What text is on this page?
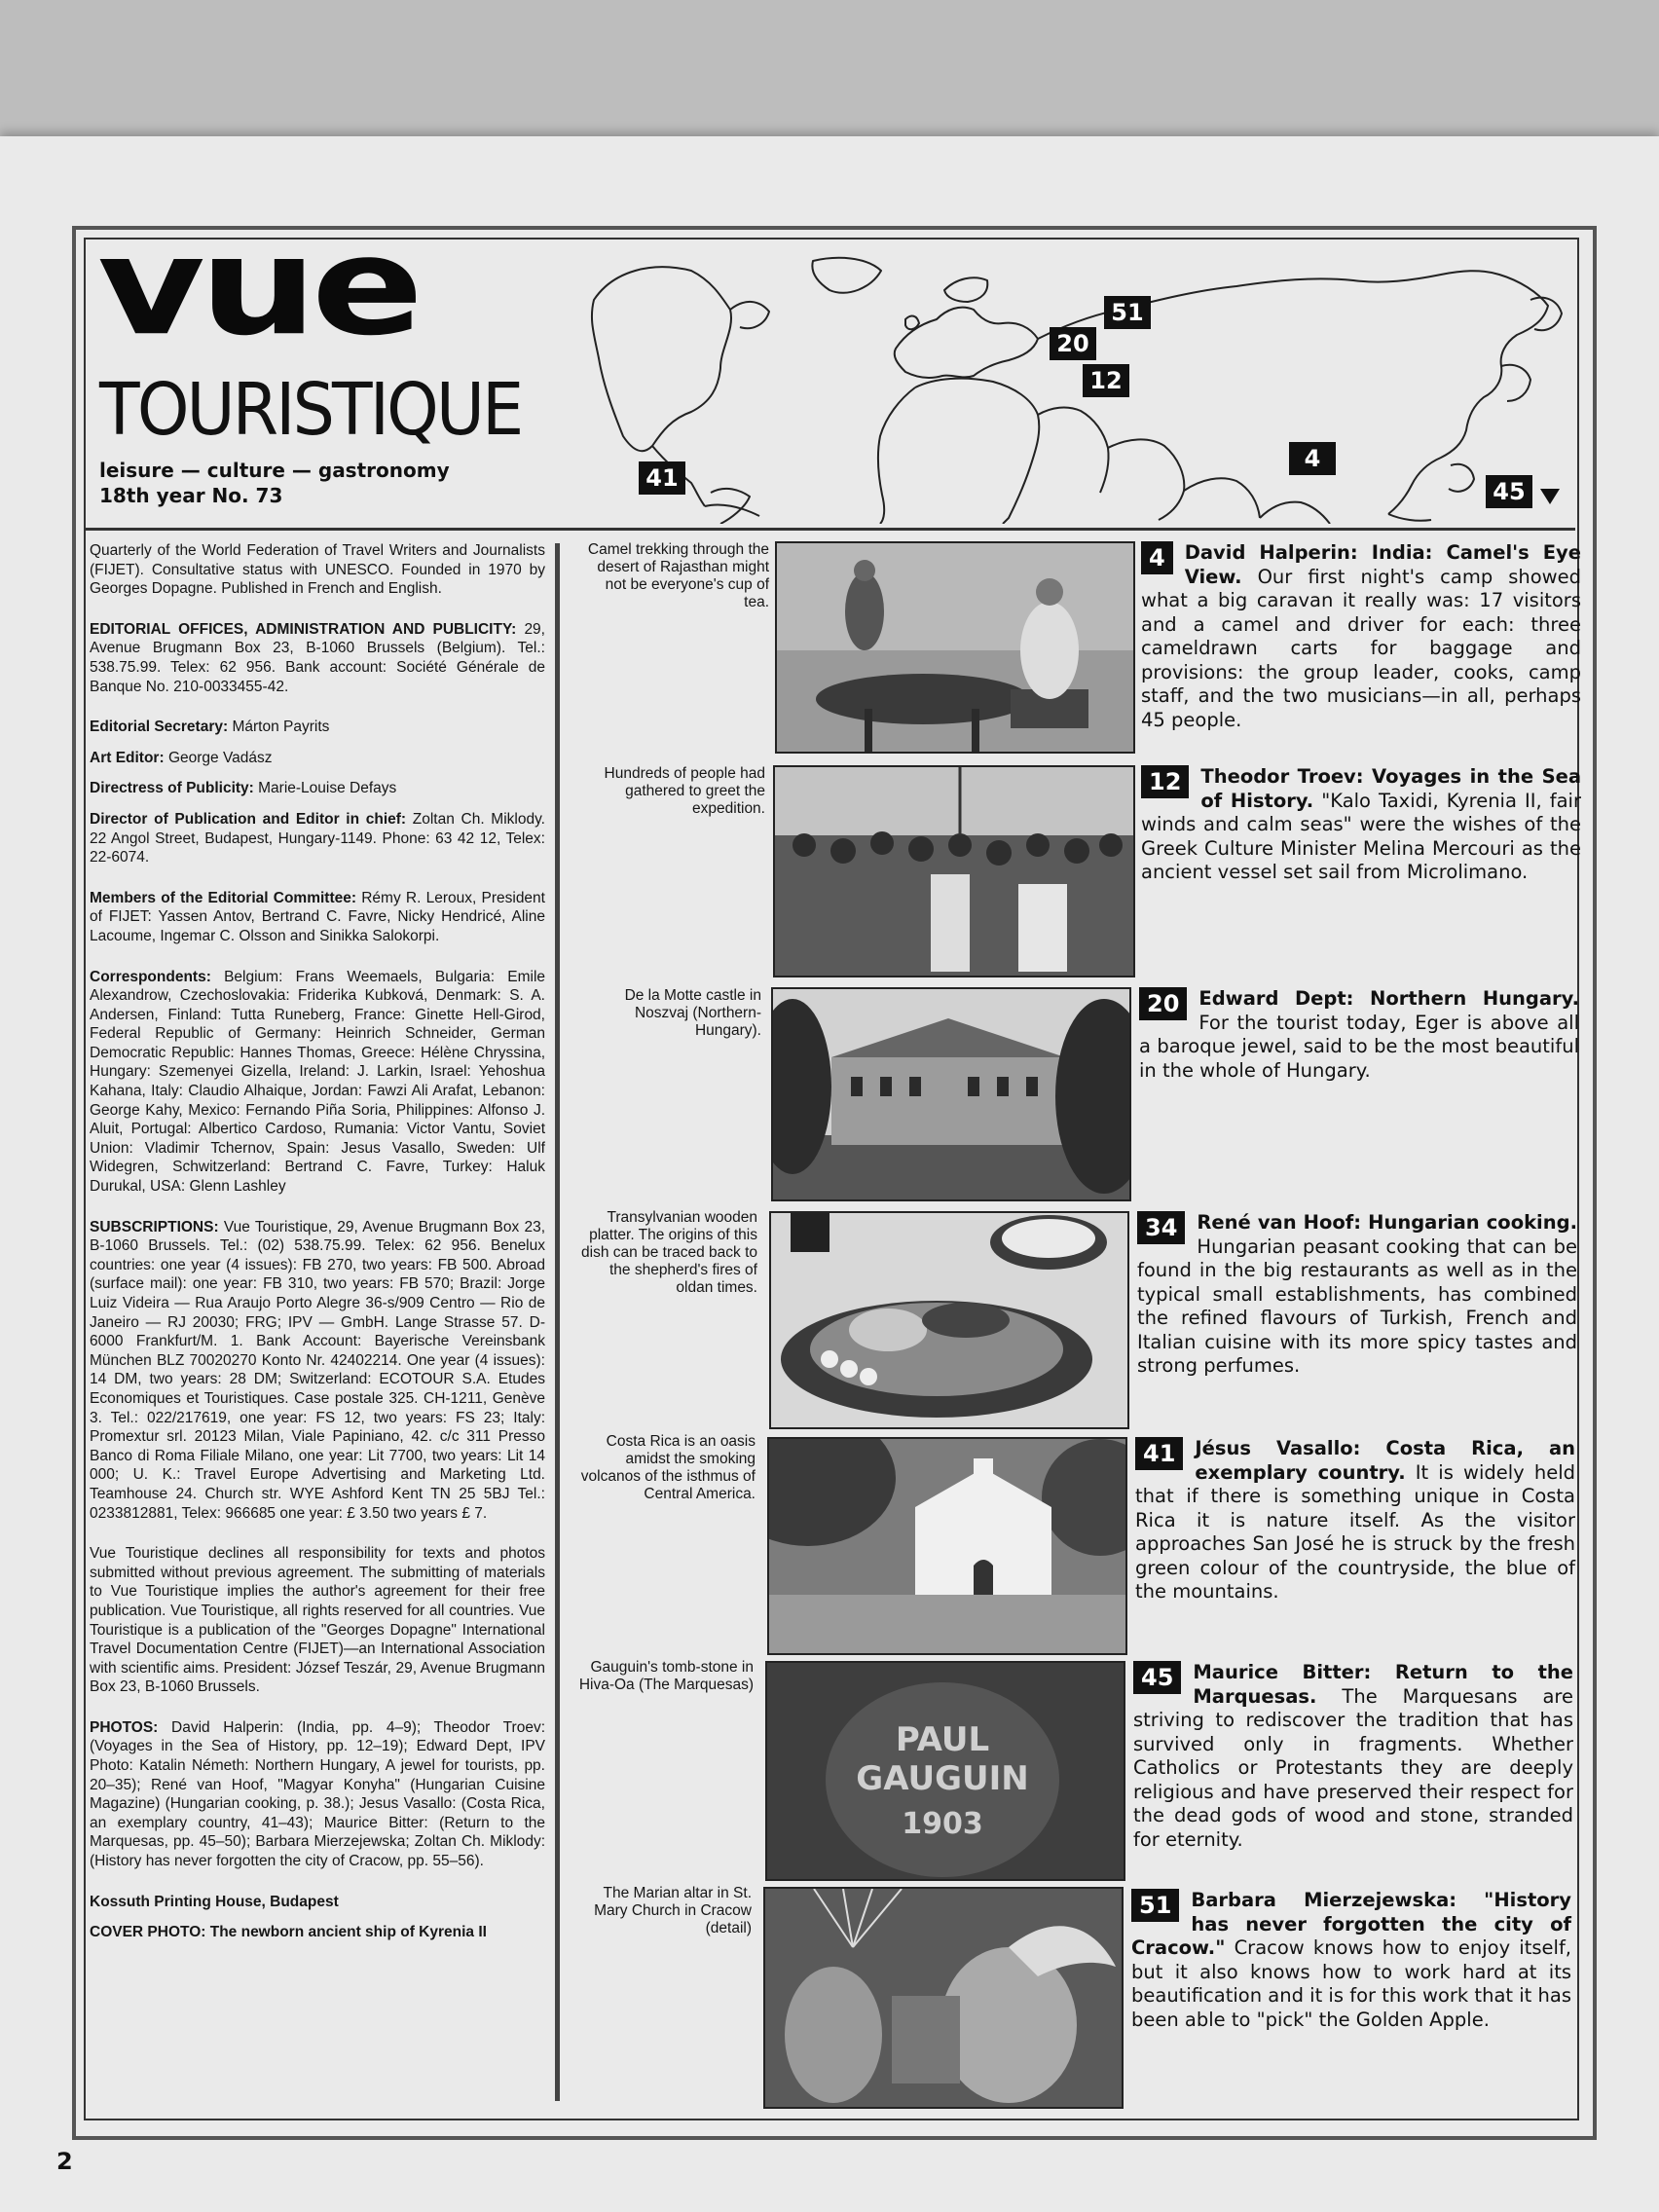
vue
TOURISTIQUE
leisure — culture — gastronomy
18th year No. 73
51
20
12
4
41	45

Quarterly of the World Federation of Travel Writers and Journalists (FIJET). Consultative status with UNESCO. Founded in 1970 by Georges Dopagne. Published in French and English.

EDITORIAL OFFICES, ADMINISTRATION AND PUBLICITY: 29, Avenue Brugmann Box 23, B-1060 Brussels (Belgium). Tel.: 538.75.99. Telex: 62 956. Bank account: Société Générale de Banque No. 210-0033455-42.

Editorial Secretary: Márton Payrits

Art Editor: George Vadász

Directress of Publicity: Marie-Louise Defays

Director of Publication and Editor in chief: Zoltan Ch. Miklody. 22 Angol Street, Budapest, Hungary-1149. Phone: 63 42 12, Telex: 22-6074.

Members of the Editorial Committee: Rémy R. Leroux, President of FIJET: Yassen Antov, Bertrand C. Favre, Nicky Hendricé, Aline Lacoume, Ingemar C. Olsson and Sinikka Salokorpi.

Correspondents: Belgium: Frans Weemaels, Bulgaria: Emile Alexandrow, Czechoslovakia: Friderika Kubková, Denmark: S. A. Andersen, Finland: Tutta Runeberg, France: Ginette Hell-Girod, Federal Republic of Germany: Heinrich Schneider, German Democratic Republic: Hannes Thomas, Greece: Hélène Chryssina, Hungary: Szemenyei Gizella, Ireland: J. Larkin, Israel: Yehoshua Kahana, Italy: Claudio Alhaique, Jordan: Fawzi Ali Arafat, Lebanon: George Kahy, Mexico: Fernando Piña Soria, Philippines: Alfonso J. Aluit, Portugal: Albertico Cardoso, Rumania: Victor Vantu, Soviet Union: Vladimir Tchernov, Spain: Jesus Vasallo, Sweden: Ulf Widegren, Schwitzerland: Bertrand C. Favre, Turkey: Haluk Durukal, USA: Glenn Lashley

SUBSCRIPTIONS: Vue Touristique, 29, Avenue Brugmann Box 23, B-1060 Brussels. Tel.: (02) 538.75.99. Telex: 62 956. Benelux countries: one year (4 issues): FB 270, two years: FB 500. Abroad (surface mail): one year: FB 310, two years: FB 570; Brazil: Jorge Luiz Videira — Rua Araujo Porto Alegre 36-s/909 Centro — Rio de Janeiro — RJ 20030; FRG; IPV — GmbH. Lange Strasse 57. D-6000 Frankfurt/M. 1. Bank Account: Bayerische Vereinsbank München BLZ 70020270 Konto Nr. 42402214. One year (4 issues): 14 DM, two years: 28 DM; Switzerland: ECOTOUR S.A. Etudes Economiques et Touristiques. Case postale 325. CH-1211, Genève 3. Tel.: 022/217619, one year: FS 12, two years: FS 23; Italy: Promextur srl. 20123 Milan, Viale Papiniano, 42. c/c 311 Presso Banco di Roma Filiale Milano, one year: Lit 7700, two years: Lit 14 000; U. K.: Travel Europe Advertising and Marketing Ltd. Teamhouse 24. Church str. WYE Ashford Kent TN 25 5BJ Tel.: 0233812881, Telex: 966685 one year: £ 3.50 two years £ 7.

Vue Touristique declines all responsibility for texts and photos submitted without previous agreement. The submitting of materials to Vue Touristique implies the author's agreement for their free publication. Vue Touristique, all rights reserved for all countries. Vue Touristique is a publication of the "Georges Dopagne" International Travel Documentation Centre (FIJET)—an International Association with scientific aims. President: József Teszár, 29, Avenue Brugmann Box 23, B-1060 Brussels.

PHOTOS: David Halperin: (India, pp. 4–9); Theodor Troev: (Voyages in the Sea of History, pp. 12–19); Edward Dept, IPV Photo: Katalin Németh: Northern Hungary, A jewel for tourists, pp. 20–35); René van Hoof, "Magyar Konyha" (Hungarian Cuisine Magazine) (Hungarian cooking, p. 38.); Jesus Vasallo: (Costa Rica, an exemplary country, 41–43); Maurice Bitter: (Return to the Marquesas, pp. 45–50); Barbara Mierzejewska; Zoltan Ch. Miklody: (History has never forgotten the city of Cracow, pp. 55–56).

Kossuth Printing House, Budapest

COVER PHOTO: The newborn ancient ship of Kyrenia II

Camel trekking through the desert of Rajasthan might not be everyone's cup of tea.
4	David Halperin: India: Camel's Eye View. Our first night's camp showed what a big caravan it really was: 17 visitors and a camel and driver for each: three cameldrawn carts for baggage and provisions: the group leader, cooks, camp staff, and the two musicians—in all, perhaps 45 people.
Hundreds of people had gathered to greet the expedition.
12	Theodor Troev: Voyages in the Sea of History. "Kalo Taxidi, Kyrenia II, fair winds and calm seas" were the wishes of the Greek Culture Minister Melina Mercouri as the ancient vessel set sail from Microlimano.
De la Motte castle in Noszvaj (Northern-Hungary).
20	Edward Dept: Northern Hungary. For the tourist today, Eger is above all a baroque jewel, said to be the most beautiful in the whole of Hungary.
Transylvanian wooden platter. The origins of this dish can be traced back to the shepherd's fires of oldan times.
34	René van Hoof: Hungarian cooking. Hungarian peasant cooking that can be found in the big restaurants as well as in the typical small establishments, has combined the refined flavours of Turkish, French and Italian cuisine with its more spicy tastes and strong perfumes.
Costa Rica is an oasis amidst the smoking volcanos of the isthmus of Central America.
41	Jésus Vasallo: Costa Rica, an exemplary country. It is widely held that if there is something unique in Costa Rica it is nature itself. As the visitor approaches San José he is struck by the fresh green colour of the countryside, the blue of the mountains.
Gauguin's tomb-stone in Hiva-Oa (The Marquesas)
PAUL
GAUGUIN
1903
45	Maurice Bitter: Return to the Marquesas. The Marquesans are striving to rediscover the tradition that has survived only in fragments. Whether Catholics or Protestants they are deeply religious and have preserved their respect for the dead gods of wood and stone, stranded for eternity.
The Marian altar in St. Mary Church in Cracow (detail)
51	Barbara Mierzejewska: "History has never forgotten the city of Cracow." Cracow knows how to enjoy itself, but it also knows how to work hard at its beautification and it is for this work that it has been able to "pick" the Golden Apple.
2
